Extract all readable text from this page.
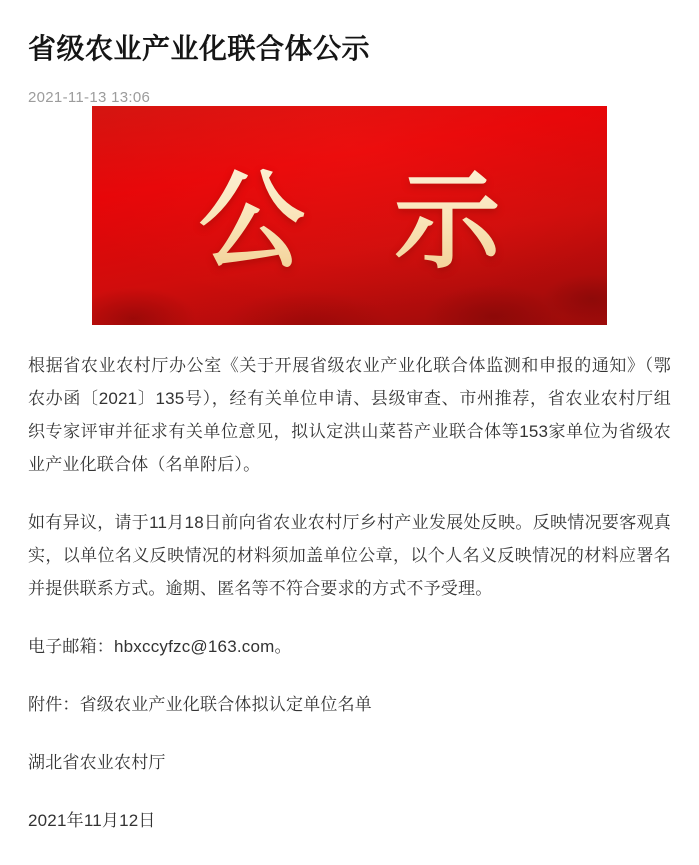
省级农业产业化联合体公示
2021-11-13 13:06
公 示

根据省农业农村厅办公室《关于开展省级农业产业化联合体监测和申报的通知》（鄂农办函〔2021〕135号），经有关单位申请、县级审查、市州推荐，省农业农村厅组织专家评审并征求有关单位意见，拟认定洪山菜苔产业联合体等153家单位为省级农业产业化联合体（名单附后）。

如有异议，请于11月18日前向省农业农村厅乡村产业发展处反映。反映情况要客观真实，以单位名义反映情况的材料须加盖单位公章，以个人名义反映情况的材料应署名并提供联系方式。逾期、匿名等不符合要求的方式不予受理。

电子邮箱：hbxccyfzc@163.com。

附件：省级农业产业化联合体拟认定单位名单

湖北省农业农村厅

2021年11月12日
